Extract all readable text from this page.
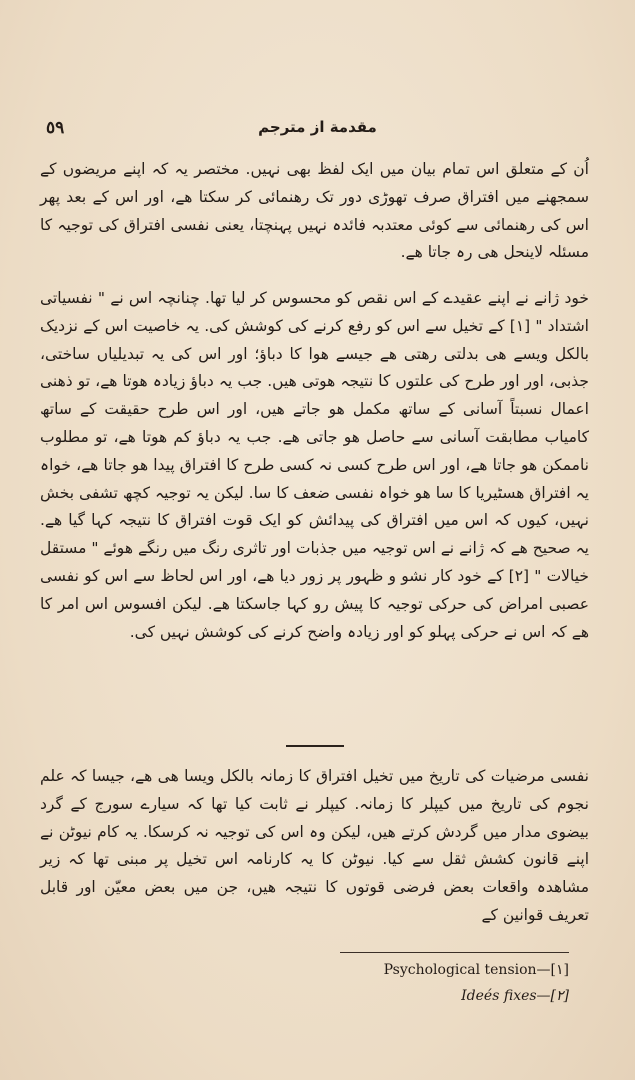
٥٩	مقدمة از مترجم

اُن کے متعلق اس تمام بیان میں ایک لفظ بھی نہیں. مختصر یہ کہ اپنے مریضوں کے سمجھنے میں افتراق صرف تھوڑی دور تک رهنمائی کر سکتا ھے، اور اس کے بعد پھر اس کی رهنمائی سے کوئی معتدبہ فائدہ نہیں پہنچتا، یعنی نفسی افتراق کی توجیہ کا مسئلہ لاینحل ھی رہ جاتا ھے.

خود ژانے نے اپنے عقیدے کے اس نقص کو محسوس کر لیا تھا. چنانچہ اس نے " نفسیاتی اشتداد " [۱] کے تخیل سے اس کو رفع کرنے کی کوشش کی. یہ خاصیت اس کے نزدیک بالکل ویسے ھی بدلتی رهتی ھے جیسے ھوا کا دباؤ؛ اور اس کی یہ تبدیلیاں ساختی، جذبی، اور اور طرح کی علتوں کا نتیجہ ھوتی ھیں. جب یہ دباؤ زیادہ ھوتا ھے، تو ذهنی اعمال نسبتاً آسانی کے ساتھ مکمل ھو جاتے ھیں، اور اس طرح حقیقت کے ساتھ کامیاب مطابقت آسانی سے حاصل ھو جاتی ھے. جب یہ دباؤ کم ھوتا ھے، تو مطلوب ناممکن ھو جاتا ھے، اور اس طرح کسی نہ کسی طرح کا افتراق پیدا ھو جاتا ھے، خواہ یہ افتراق هسٹیریا کا سا ھو خواہ نفسی ضعف کا سا. لیکن یہ توجیہ کچھ تشفی بخش نہیں، کیوں کہ اس میں افتراق کی پیدائش کو ایک قوت افتراق کا نتیجہ کہا گیا ھے. یہ صحیح ھے کہ ژانے نے اس توجیہ میں جذبات اور تاثری رنگ میں رنگے ھوئے " مستقل خیالات " [۲] کے خود کار نشو و ظہور پر زور دیا ھے، اور اس لحاظ سے اس کو نفسی عصبی امراض کی حرکی توجیہ کا پیش رو کہا جاسکتا ھے. لیکن افسوس اس امر کا ھے کہ اس نے حرکی پہلو کو اور زیادہ واضح کرنے کی کوشش نہیں کی.

نفسی مرضیات کی تاریخ میں تخیل افتراق کا زمانہ بالکل ویسا ھی ھے، جیسا کہ علم نجوم کی تاریخ میں کیپلر کا زمانہ. کیپلر نے ثابت کیا تھا کہ سیارے سورج کے گرد بیضوی مدار میں گردش کرتے ھیں، لیکن وہ اس کی توجیہ نہ کرسکا. یہ کام نیوٹن نے اپنے قانون کشش ثقل سے کیا. نیوٹن کا یہ کارنامہ اس تخیل پر مبنی تھا کہ زیر مشاهدہ واقعات بعض فرضی قوتوں کا نتیجہ ھیں، جن میں بعض معیّن اور قابل تعریف قوانین کے

Psychological tension—[۱]
Ideés fixes—[۲]
